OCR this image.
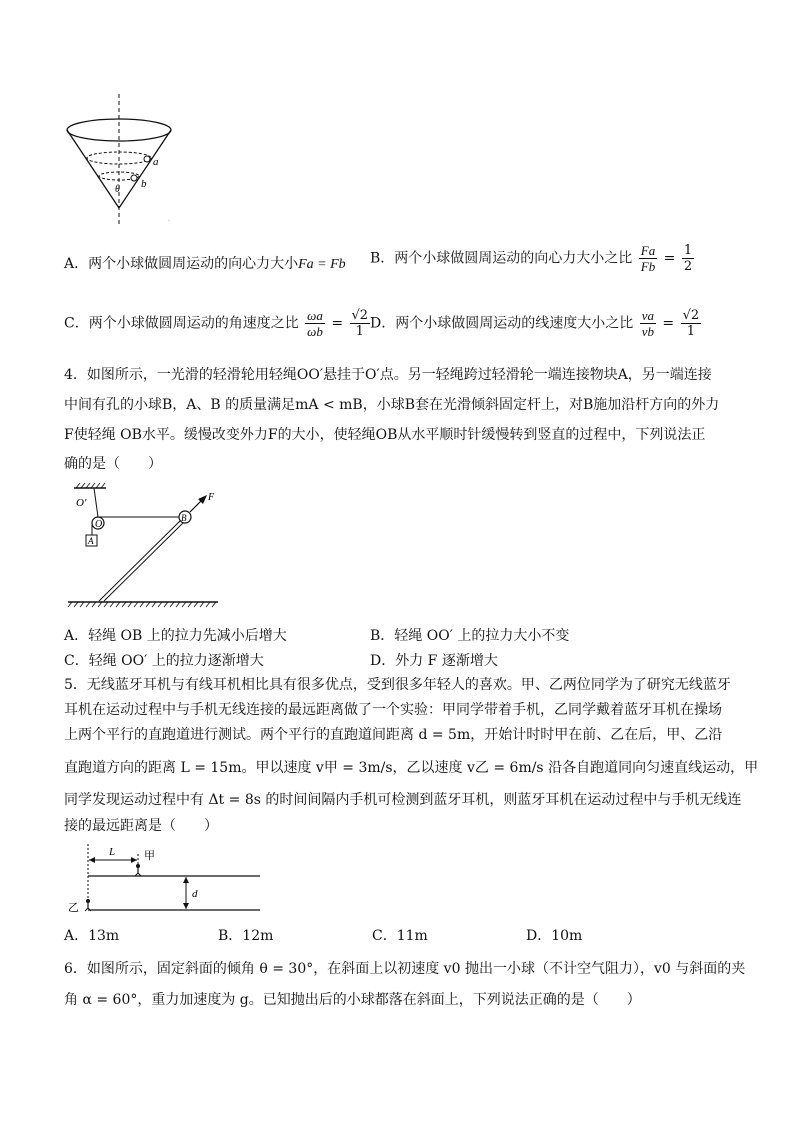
a
b
θ
·
A．两个小球做圆周运动的向心力大小Fa = Fb B．两个小球做圆周运动的向心力大小之比 $\frac{Fa}{Fb} = \frac{1}{2}$
C．两个小球做圆周运动的角速度之比 $\frac{\omega a}{\omega b} = \frac{√2}{1}$ D．两个小球做圆周运动的线速度大小之比 $\frac{va}{vb} = \frac{√2}{1}$
4．如图所示，一光滑的轻滑轮用轻绳OO′悬挂于O′点。另一轻绳跨过轻滑轮一端连接物块A，另一端连接
中间有孔的小球B，A、B 的质量满足mA < mB，小球B套在光滑倾斜固定杆上，对B施加沿杆方向的外力
F使轻绳 OB水平。缓慢改变外力F的大小，使轻绳OB从水平顺时针缓慢转到竖直的过程中，下列说法正
确的是（　　）
O′
O
A
B
F
A．轻绳 OB 上的拉力先减小后增大	B．轻绳 OO′ 上的拉力大小不变
C．轻绳 OO′ 上的拉力逐渐增大	D．外力 F 逐渐增大
5．无线蓝牙耳机与有线耳机相比具有很多优点，受到很多年轻人的喜欢。甲、乙两位同学为了研究无线蓝牙
耳机在运动过程中与手机无线连接的最远距离做了一个实验：甲同学带着手机，乙同学戴着蓝牙耳机在操场
上两个平行的直跑道进行测试。两个平行的直跑道间距离 d = 5m，开始计时时甲在前、乙在后，甲、乙沿
直跑道方向的距离 L = 15m。甲以速度 v甲 = 3m/s，乙以速度 v乙 = 6m/s 沿各自跑道同向匀速直线运动，甲
同学发现运动过程中有 Δt = 8s 的时间间隔内手机可检测到蓝牙耳机，则蓝牙耳机在运动过程中与手机无线连
接的最远距离是（　　）
L	甲
d
乙
A．13m	B．12m	C．11m	D．10m
6．如图所示，固定斜面的倾角 θ = 30°，在斜面上以初速度 v0 抛出一小球（不计空气阻力），v0 与斜面的夹
角 α = 60°，重力加速度为 g。已知抛出后的小球都落在斜面上，下列说法正确的是（　　）
